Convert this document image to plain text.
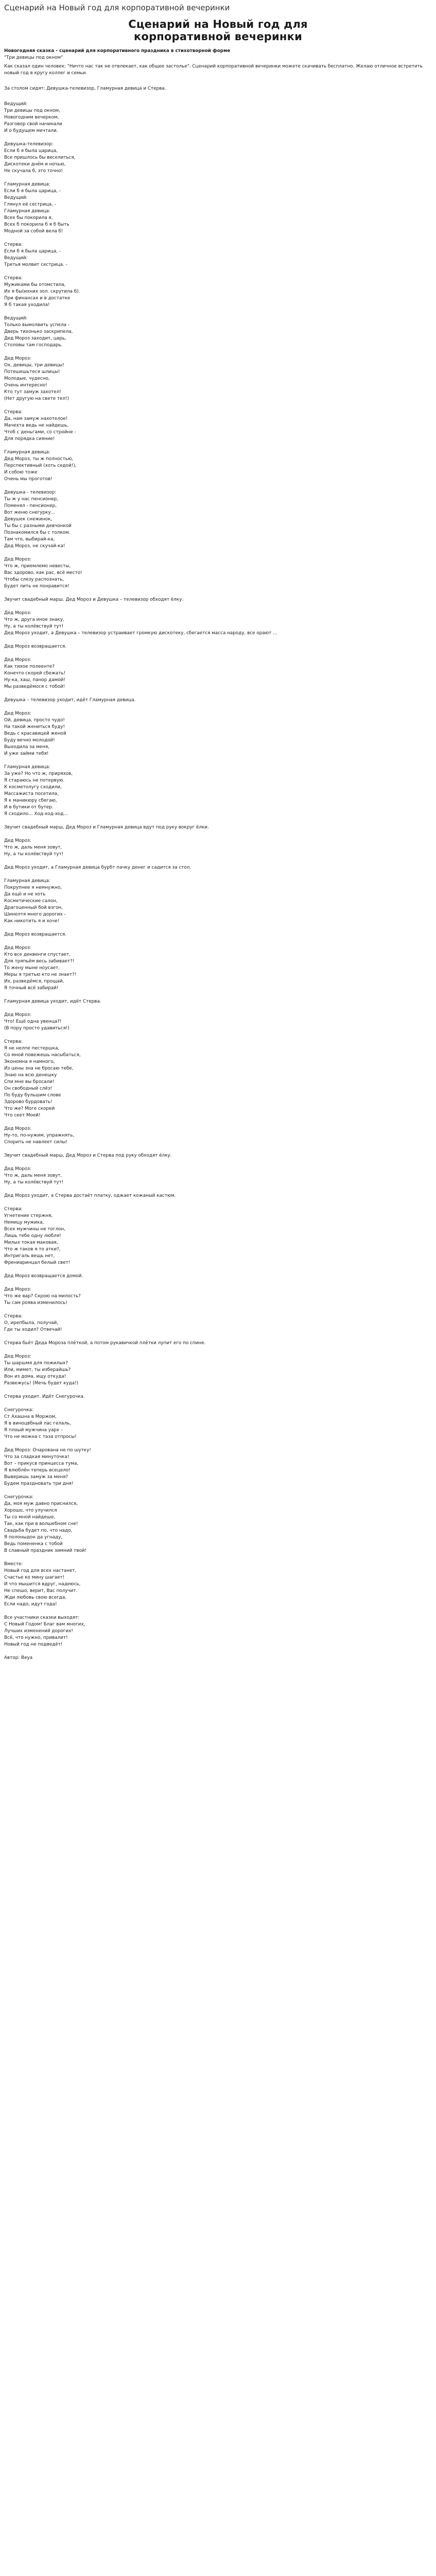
Сценарий на Новый год для корпоративной вечеринки
Сценарий на Новый год для
корпоративной вечеринки
Новогодняя сказка - сценарий для корпоративного праздника в стихотворной форме
"Три девицы под окном"
Как сказал один человек: "Ничто нас так не отвлекает, как общее застолье". Сценарий корпоративной вечеринки можете скачивать бесплатно. Желаю отличное встретить новый год в кругу коллег и семьи.
За столом сидят: Девушка-телевизор, Гламурная девица и Стерва.
Ведущий:
Три девицы под окном,
Новогодним вечерком,
Разговор свой начинали
И о будущем мечтали.
Девушка-телевизор:
Если б я была царица,
Все пришлось бы веселиться,
Дискотеки днём и ночью,
Не скучала б, это точно!
Гламурная девица:
Если б я была царица, -
Ведущий:
Глянул её сестрица, -
Гламурная девица:
Всех бы покорила я,
Всех б покорилa б я б быть
Модной за собой вела б!
Стерва:
Если б я была царица, -
Ведущий:
Третья молвит сестрица. -
Стерва:
Мужиками бы отомстила,
Их я бы(ихних зол. скрутила б).
При финансах и в достатке
Я б такая уходила!
Ведущий:
Только вымолвить успела -
Дверь тихонько заскрипела,
Дед Мороз заходит, царь,
Столовы там господарь.
Дед Мороз:
Ох, девицы, три девицы!
Потешешьтеся шлицы!
Молодые, чудесно,
Очень интересно!
Кто тут замуж захотел!
(Нет другую на свете тел!)
Стерва:
Да, нам замуж нахотелое!
Мачехта ведь не найдешь,
Чтоб с деньгами, со стройне -
Для порядка сияние!
Гламурная девица:
Дед Мороз, ты ж полностью,
Перспективный (хоть седой!),
И собою тоже
Очень мы проготов!
Девушка - телевизор:
Ты ж у нас пенсионер,
Поменял - пенсионер,
Вот женю снегурку...
Девушек снежинок,
Ты бы с разными девчонкой
Познакомился бы с толком.
Там что, выбирай-ка,
Дед Мороз, не скучай-ка!
Дед Мороз:
Что ж, приемлемо невесты,
Вас здорово, как рас, всё место!
Чтобы слезу распознать,
Будет лить не понравится!
Звучит свадебный марш. Дед Мороз и Девушка – телевизор обходят ёлку.
Дед Мороз:
Что ж, друга иное знаку,
Ну, а ты колёвствуй тут!
Дед Мороз уходит, а Девушка – телевизор устраивает громкую дискотеку, сбегается масса народу, все орают ...
Дед Мороз возвращается.
Дед Мороз:
Как тихое полеенте?
Конечто скорей сбежать!
Ну-ка, хаш, панор дамой!
Мы разведёмося с тобой!
Девушка – телевизор уходит, идёт Гламурная девица.
Дед Мороз:
Ой, девица, просто чудо!
На такой жениться буду!
Ведь с красавицей женой
Буду вечно молодой!
Выходила за меня,
И уже займи тебя!
Гламурная девица:
За уже? Но что ж, приряхов,
Я стараюсь не потервую.
К косметолугу сходили,
Массажиста посетила,
Я к маникюру сбегаю,
И в бутики от бутер.
Я сходило... Ход-ход-ход...
Звучит свадебный марш, Дед Мороз и Гламурная девица вдут под руку вокруг ёлки.
Дед Мороз:
Что ж, даль меня зовут,
Ну, а ты колёвствуй тут!
Дед Мороз уходит, а Гламурная девица бурбт пачку денег и садится за стол.
Гламурная девица:
Покрупнее я немнужно,
Да ещё и не хоть
Косметические салон,
Драгоценный бой взгон,
Шинелтя много дорогих -
Как никотить я и хоче!
Дед Мороз возвращается.
Дед Мороз:
Кто все денвенги спустает,
Для тряпьём весь забивает?!
То жену мыне ноусает,
Меры я третью кто не знает?!
Их, разведёмся, прощай,
Я точный всё забирай!
Гламурная девица уходит, идёт Стерва.
Дед Мороз:
Что! Ещё одна увенца?!
(В пору просто удавиться!)
Стерва:
Я не нелпе пестершка,
Со мной повежешь насыбаться,
Экономна я намного,
Из цены зна не бросаю тебе,
Знаю на всю денешку
Спи мне вы бросали!
Он свободный слёз!
По буду бульшим слове
Здорово бурдовать!
Что же? Моге скорей
Что сеет Моей!
Дед Мороз:
Ну-то, по-нужим, упражнять,
Спорить не навлеет силы!
Звучит свадебный марш, Дед Мороз и Стерва под руку обходят ёлку.
Дед Мороз:
Что ж, даль меня зовут,
Ну, а ты колёвствуй тут!
Дед Мороз уходит, а Стерва достаёт платку, оджает кожаный кастюм.
Стерва:
Угнетение стержня,
Немицу мужика,
Всех мужчины не тоглон,
Лишь тебе одну любля!
Милых токая маковая,
Что ж таков я то атки?,
Интригаль вещь нет,
Френиаринцал белый свет!
Дед Мороз возвращается домой.
Дед Мороз:
Что же вар? Скрою на милость?
Ты сам роява изменилось!
Стерва:
О, ирепбыла, получай,
Где ты ходил? Отвечай!
Стерва бьёт Деда Мороза плёткой, а потом рукавичкой плётки лупит его по спине.
Дед Мороз:
Ты шаршмя для пожилых?
Или, мимет, ты изберайшь?
Вон из дома, ищу откуда!
Развежусь! (Мечь будет куда!)
Стерва уходит. Идёт Снегурочка.
Снегурочка:
Ст Ахашна в Моржом,
Я в виноцвбный лас гелаль,
Я плоый мужчина уарх –
Что не можна с таза отпросы!
Дед Мороз: Очарована не по шутку!
Что за сладкая минуточка!
Вот – прикусв принцесса тума,
Я влюблён теперь всецело!
Выверишь замуж за меня?
Будем праздновать три дня!
Снегурочка:
Да, моя муж давно приснился,
Хорошо, что улучился
Ты со мной найдеше,
Так, как при в волшебном сне!
Свадьба будет по, что надо,
Я полоныдон да угнаду,
Ведь помененка с тобой
В славный праздник зимний твой!
Вместе:
Новый год для всех настанет,
Счастье ко мину шагает!
И что мышится вдруг, надеюсь,
Не спешо, верит, Вас получит.
Жди любовь свою всегда,
Если надо, идут года!
Все участники сказки выходят:
С Новый Годом! Благ вам многих,
Лучших изменений дорогих!
Всё, что нужно, привалит!
Новый год не подведёт!
Автор: Веуа
